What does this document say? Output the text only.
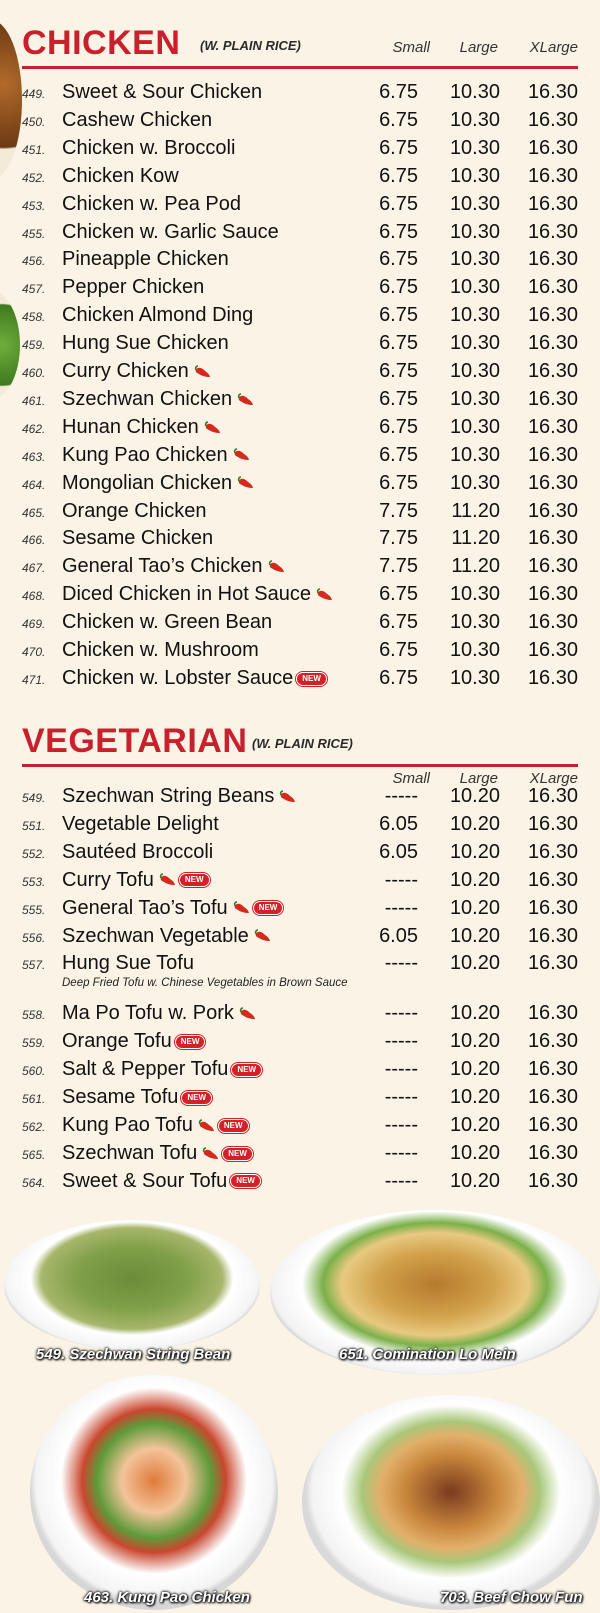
CHICKEN (W. PLAIN RICE)	Small Large XLarge
449. Sweet & Sour Chicken	6.75 10.30 16.30
450. Cashew Chicken	6.75 10.30 16.30
451. Chicken w. Broccoli	6.75 10.30 16.30
452. Chicken Kow	6.75 10.30 16.30
453. Chicken w. Pea Pod	6.75 10.30 16.30
455. Chicken w. Garlic Sauce	6.75 10.30 16.30
456. Pineapple Chicken	6.75 10.30 16.30
457. Pepper Chicken	6.75 10.30 16.30
458. Chicken Almond Ding	6.75 10.30 16.30
459. Hung Sue Chicken	6.75 10.30 16.30
460. Curry Chicken	6.75 10.30 16.30
461. Szechwan Chicken	6.75 10.30 16.30
462. Hunan Chicken	6.75 10.30 16.30
463. Kung Pao Chicken	6.75 10.30 16.30
464. Mongolian Chicken	6.75 10.30 16.30
465. Orange Chicken	7.75 11.20 16.30
466. Sesame Chicken	7.75 11.20 16.30
467. General Tao’s Chicken	7.75 11.20 16.30
468. Diced Chicken in Hot Sauce	6.75 10.30 16.30
469. Chicken w. Green Bean	6.75 10.30 16.30
470. Chicken w. Mushroom	6.75 10.30 16.30
471. Chicken w. Lobster Sauce NEW	6.75 10.30 16.30
VEGETARIAN (W. PLAIN RICE)
Small Large XLarge
549. Szechwan String Beans	----- 10.20 16.30
551. Vegetable Delight	6.05 10.20 16.30
552. Sautéed Broccoli	6.05 10.20 16.30
553. Curry Tofu	NEW	----- 10.20 16.30
555. General Tao’s Tofu	NEW	----- 10.20 16.30
556. Szechwan Vegetable	6.05 10.20 16.30
557. Hung Sue Tofu	----- 10.20 16.30
Deep Fried Tofu w. Chinese Vegetables in Brown Sauce
558. Ma Po Tofu w. Pork	----- 10.20 16.30
559. Orange Tofu NEW	----- 10.20 16.30
560. Salt & Pepper Tofu NEW	----- 10.20 16.30
561. Sesame Tofu NEW	----- 10.20 16.30
562. Kung Pao Tofu	NEW	----- 10.20 16.30
565. Szechwan Tofu	NEW	----- 10.20 16.30
564. Sweet & Sour Tofu NEW	----- 10.20 16.30
549. Szechwan String Bean	651. Comination Lo Mein
463. Kung Pao Chicken	703. Beef Chow Fun
